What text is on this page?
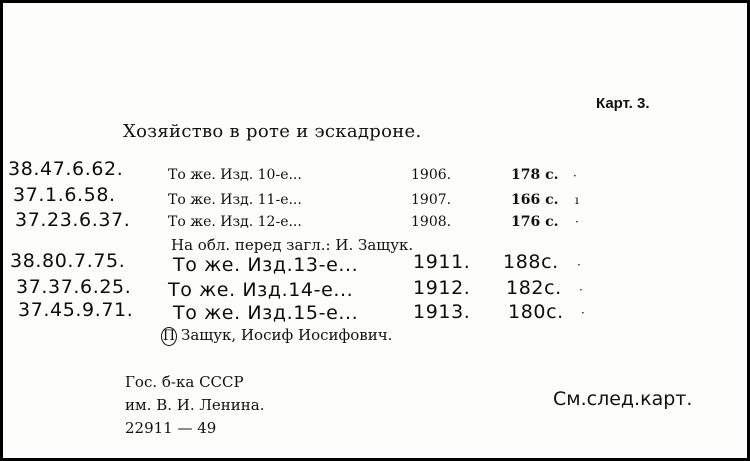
Карт. 3.
Хозяйство в роте и эскадроне.
38.47.6.62.	То же. Изд. 10-е...	1906.	178 с.
37.1.6.58.	То же. Изд. 11-е...	1907.	166 с.
37.23.6.37.	То же. Изд. 12-е...	1908.	176 с.
На обл. перед загл.: И. Защук.
38.80.7.75.	То же. Изд.13-е...	1911. 188с.
37.37.6.25. То же. Изд.14-е...	1912. 182с.
37.45.9.71. То же. Изд.15-е...	1913. 180с.
·
ı
·
·
·
·
П Защук, Иосиф Иосифович.
Гос. б-ка СССР
им. В. И. Ленина.
22911 — 49
См.след.карт.
